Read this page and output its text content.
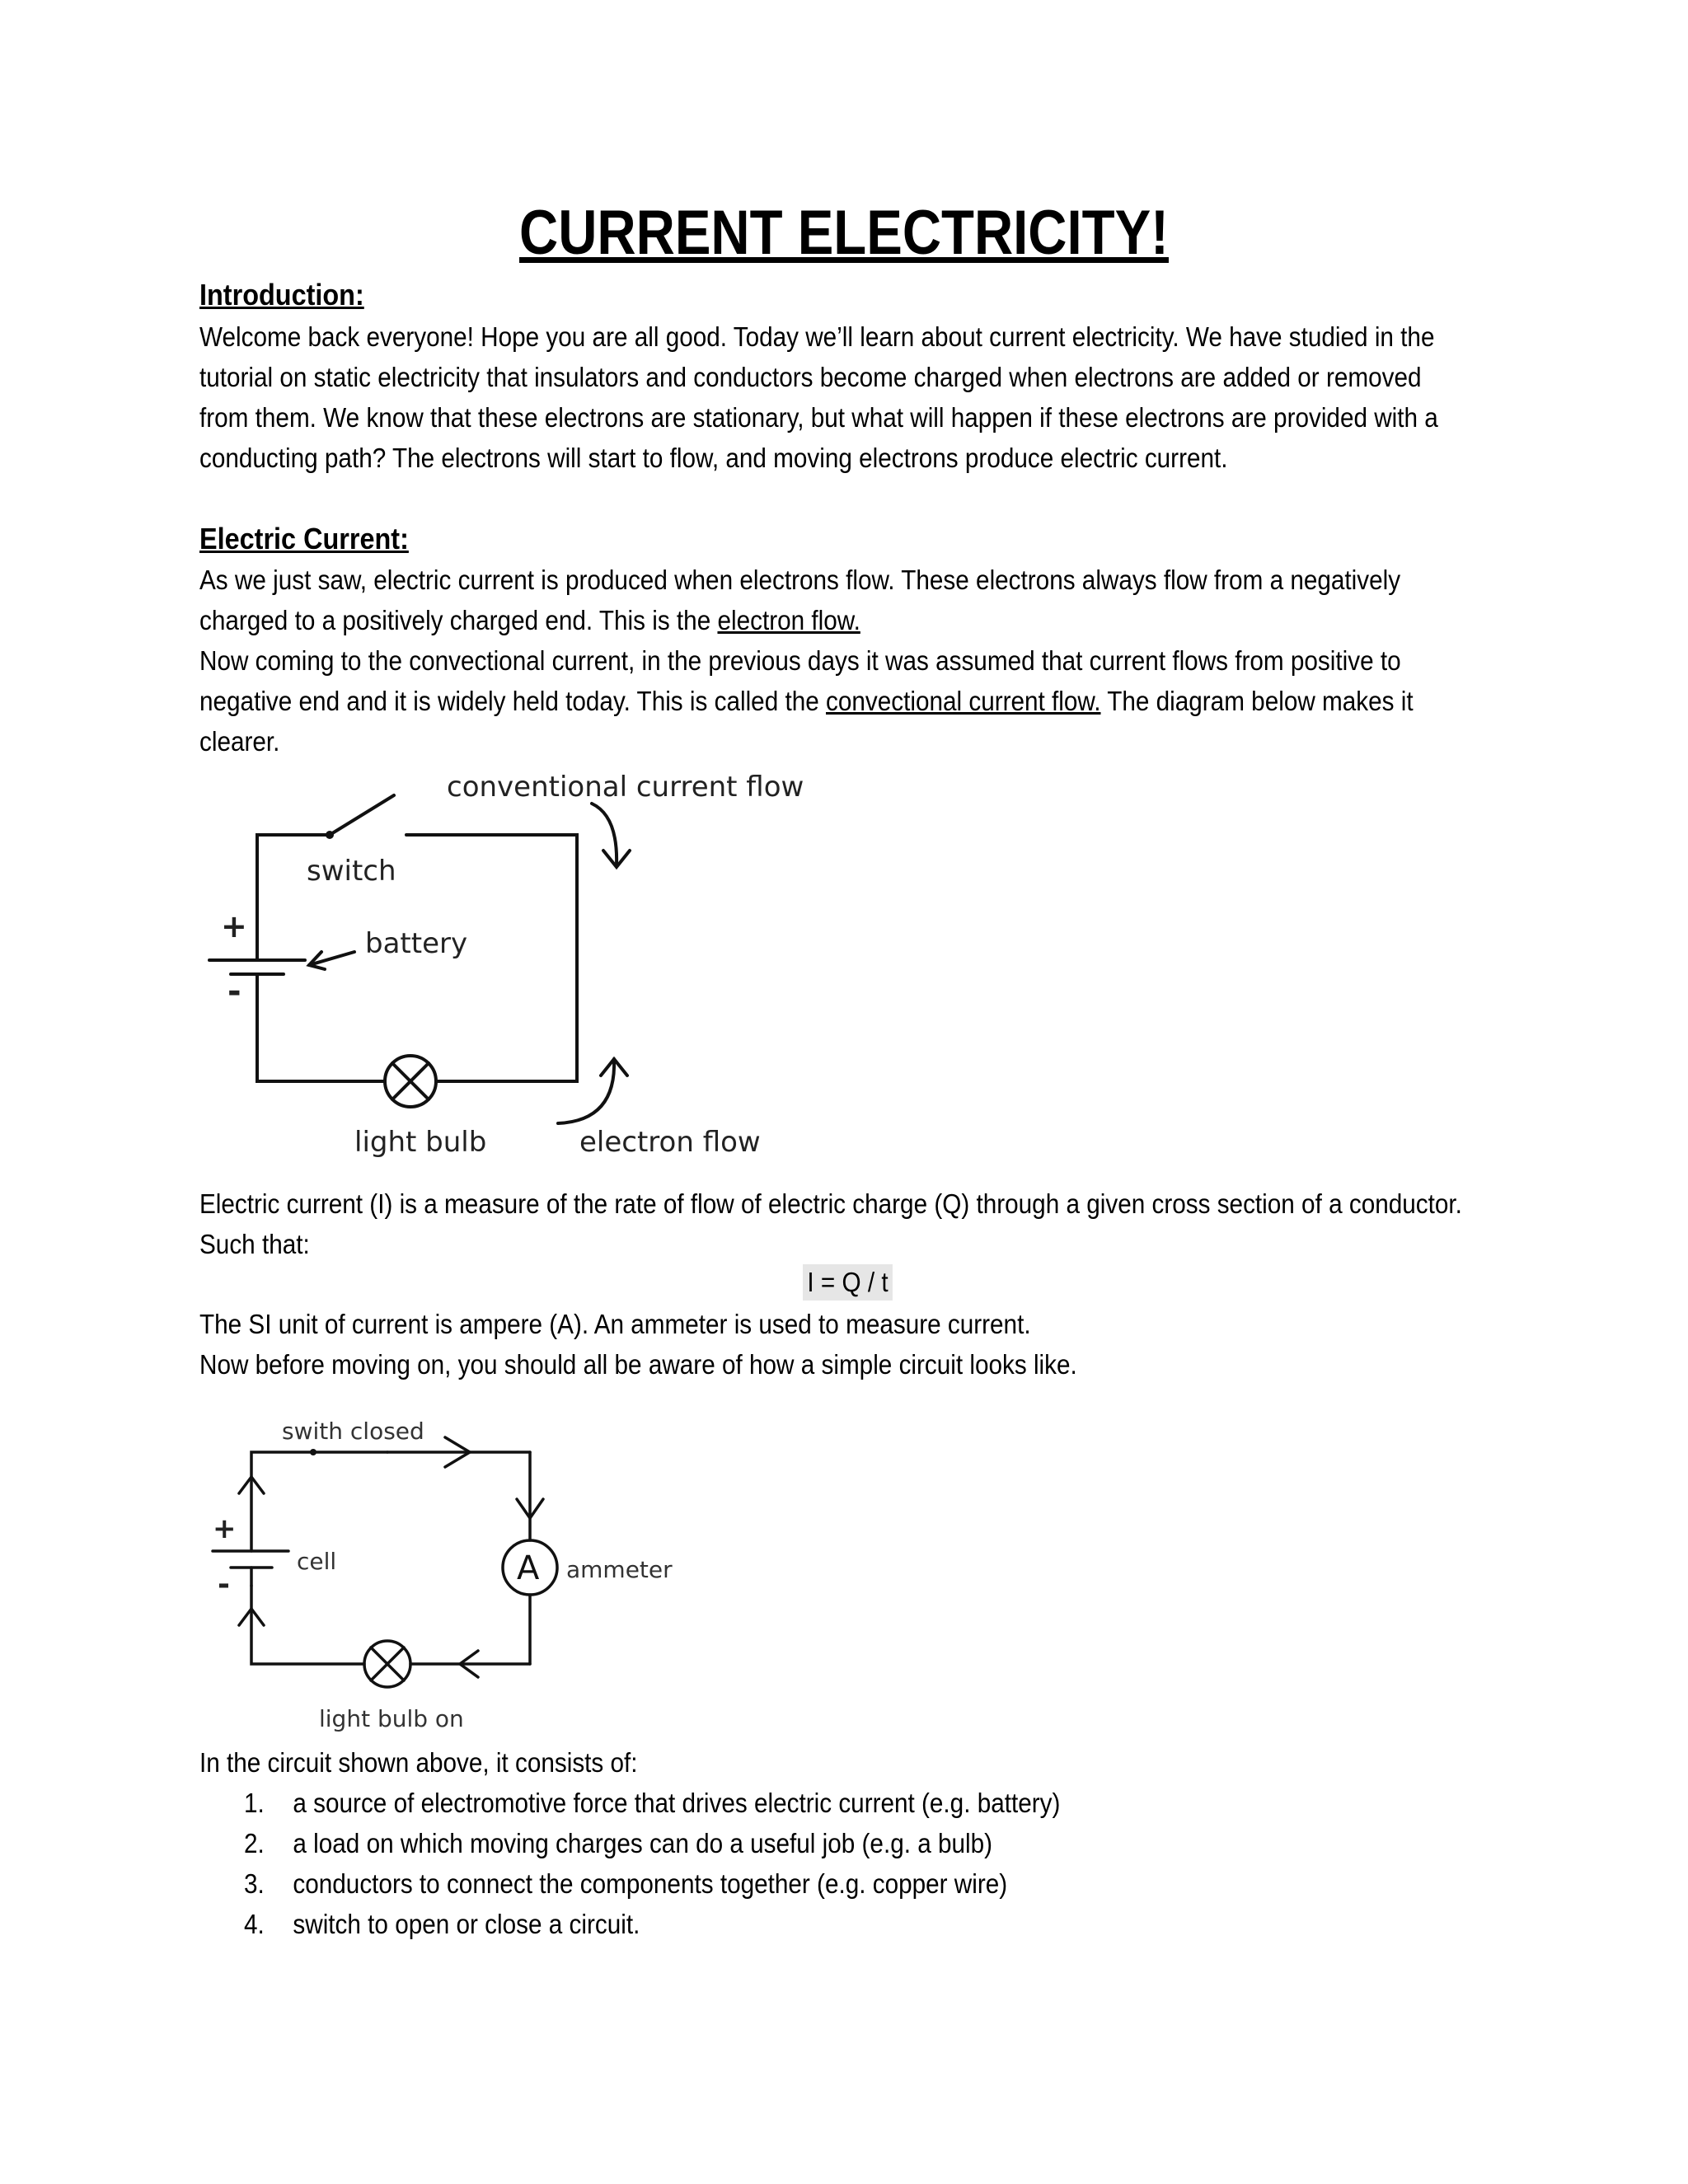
CURRENT ELECTRICITY!
Introduction:
Welcome back everyone! Hope you are all good. Today we’ll learn about current electricity. We have studied in the
tutorial on static electricity that insulators and conductors become charged when electrons are added or removed
from them. We know that these electrons are stationary, but what will happen if these electrons are provided with a
conducting path? The electrons will start to flow, and moving electrons produce electric current.
Electric Current:
As we just saw, electric current is produced when electrons flow. These electrons always flow from a negatively
charged to a positively charged end. This is the electron flow.
Now coming to the convectional current, in the previous days it was assumed that current flows from positive to
negative end and it is widely held today. This is called the convectional current flow. The diagram below makes it
clearer.
conventional current flow
switch
battery
+
-
light bulb	electron flow
Electric current (I) is a measure of the rate of flow of electric charge (Q) through a given cross section of a conductor.
Such that:
I = Q / t
The SI unit of current is ampere (A). An ammeter is used to measure current.
Now before moving on, you should all be aware of how a simple circuit looks like.
swith closed
cell
+
-	A ammeter
light bulb on
In the circuit shown above, it consists of:
1.	a source of electromotive force that drives electric current (e.g. battery)
2.	a load on which moving charges can do a useful job (e.g. a bulb)
3.	conductors to connect the components together (e.g. copper wire)
4.	switch to open or close a circuit.
